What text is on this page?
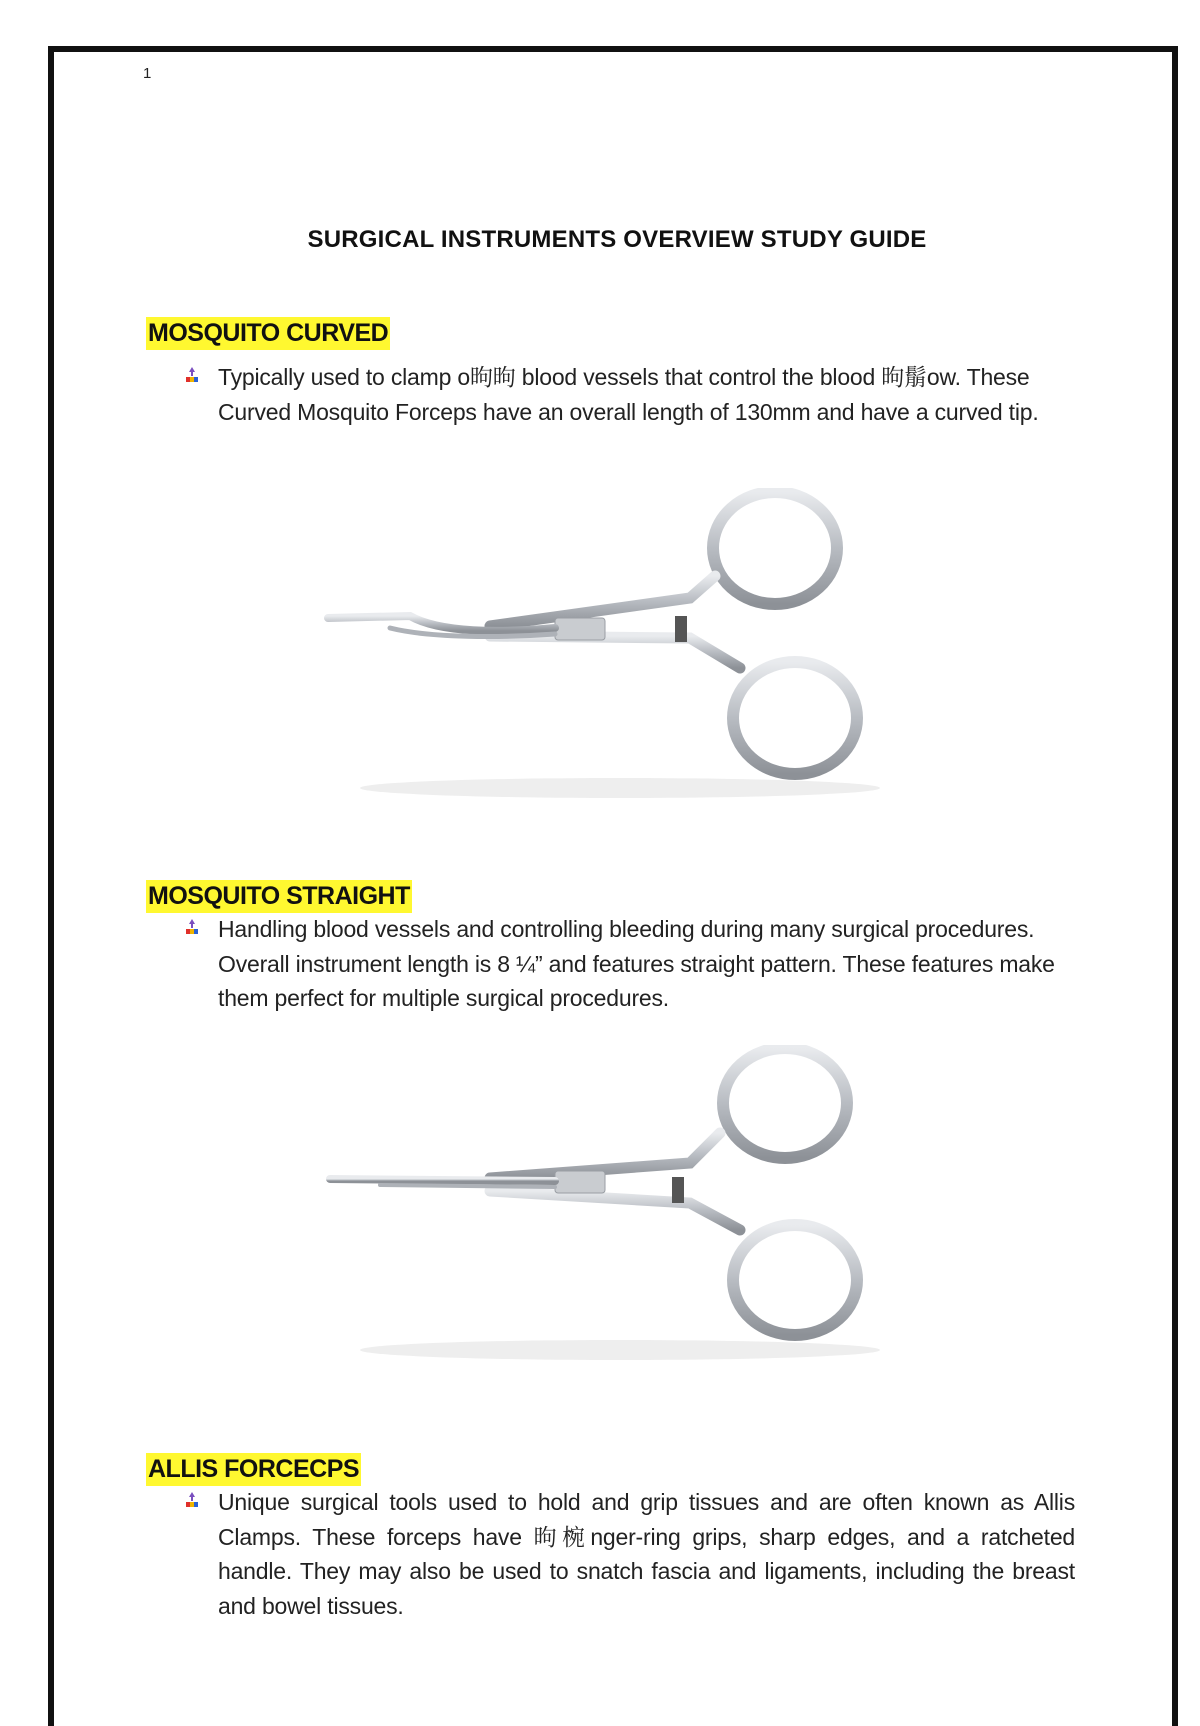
1
SURGICAL INSTRUMENTS OVERVIEW STUDY GUIDE
MOSQUITO CURVED
Typically used to clamp o昫昫 blood vessels that control the blood 昫鬅ow. These Curved Mosquito Forceps have an overall length of 130mm and have a curved tip.
MOSQUITO STRAIGHT
Handling blood vessels and controlling bleeding during many surgical procedures. Overall instrument length is 8 ¼” and features straight pattern. These features make them perfect for multiple surgical procedures.
ALLIS FORCECPS
Unique surgical tools used to hold and grip tissues and are often known as Allis Clamps. These forceps have 昫椀nger-ring grips, sharp edges, and a ratcheted handle. They may also be used to snatch fascia and ligaments, including the breast and bowel tissues.
